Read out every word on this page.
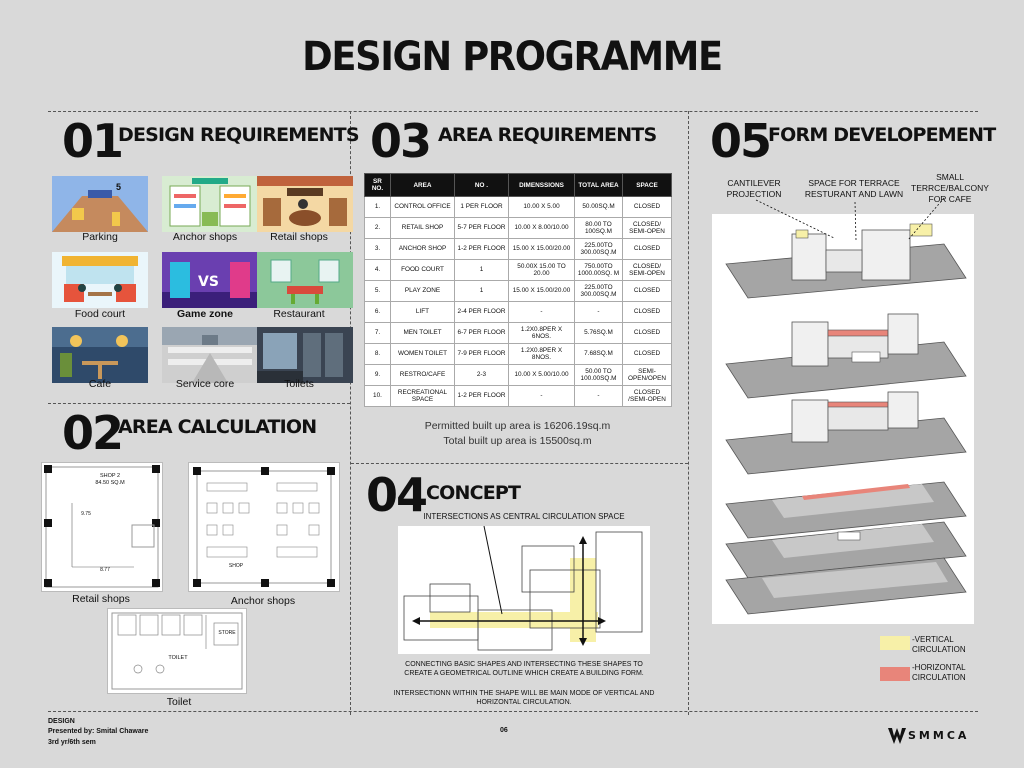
DESIGN PROGRAMME
01
DESIGN REQUIREMENTS
5
Parking	Anchor shops	Retail shops
VS
Food court	Game zone	Restaurant
Cafe	Service core	Toilets
02
AREA CALCULATION
SHOP 2
84.50 SQ.M
9.75
8.77
Retail shops
SHOP
Anchor shops
TOILET
STORE
Toilet
03 AREA REQUIREMENTS
SR NO.	AREA	NO .	DIMENSSIONS	TOTAL AREA	SPACE
1.	CONTROL OFFICE	1 PER FLOOR	10.00 X 5.00	50.00SQ.M	CLOSED
2.	RETAIL SHOP	5-7 PER FLOOR	10.00 X 8.00/10.00	80.00 TO 100SQ.M	CLOSED/ SEMI-OPEN
3.	ANCHOR SHOP	1-2 PER FLOOR	15.00 X 15.00/20.00	225.00TO 300.00SQ.M	CLOSED
4.	FOOD COURT	1	50.00X 15.00 TO 20.00	750.00TO 1000.00SQ. M	CLOSED/ SEMI-OPEN
5.	PLAY ZONE	1	15.00 X 15.00/20.00	225.00TO 300.00SQ.M	CLOSED
6.	LIFT	2-4 PER FLOOR	-	-	CLOSED
7.	MEN TOILET	6-7 PER FLOOR	1.2X0.8PER X 6NOS.	5.76SQ.M	CLOSED
8.	WOMEN TOILET	7-9 PER FLOOR	1.2X0.8PER X 8NOS.	7.68SQ.M	CLOSED
9.	RESTRO/CAFE	2-3	10.00 X 5.00/10.00	50.00 TO 100.00SQ.M	SEMI-OPEN/OPEN
10.	RECREATIONAL SPACE	1-2 PER FLOOR	-	-	CLOSED /SEMI-OPEN
Permitted built up area is 16206.19sq.m
Total built up area is 15500sq.m
04 CONCEPT
INTERSECTIONS AS CENTRAL CIRCULATION SPACE
CONNECTING BASIC SHAPES AND INTERSECTING THESE SHAPES TO CREATE A GEOMETRICAL OUTLINE WHICH CREATE A BUILDING FORM.
INTERSECTIONN WITHIN THE SHAPE WILL BE MAIN MODE OF VERTICAL AND HORIZONTAL CIRCULATION.
05
FORM DEVELOPEMENT
CANTILEVER PROJECTION
SPACE FOR TERRACE RESTURANT AND LAWN
SMALL TERRCE/BALCONY FOR CAFE
-VERTICAL CIRCULATION
-HORIZONTAL CIRCULATION
DESIGN
Presented by: Smital Chaware
3rd yr/6th sem
06	SMMCA
